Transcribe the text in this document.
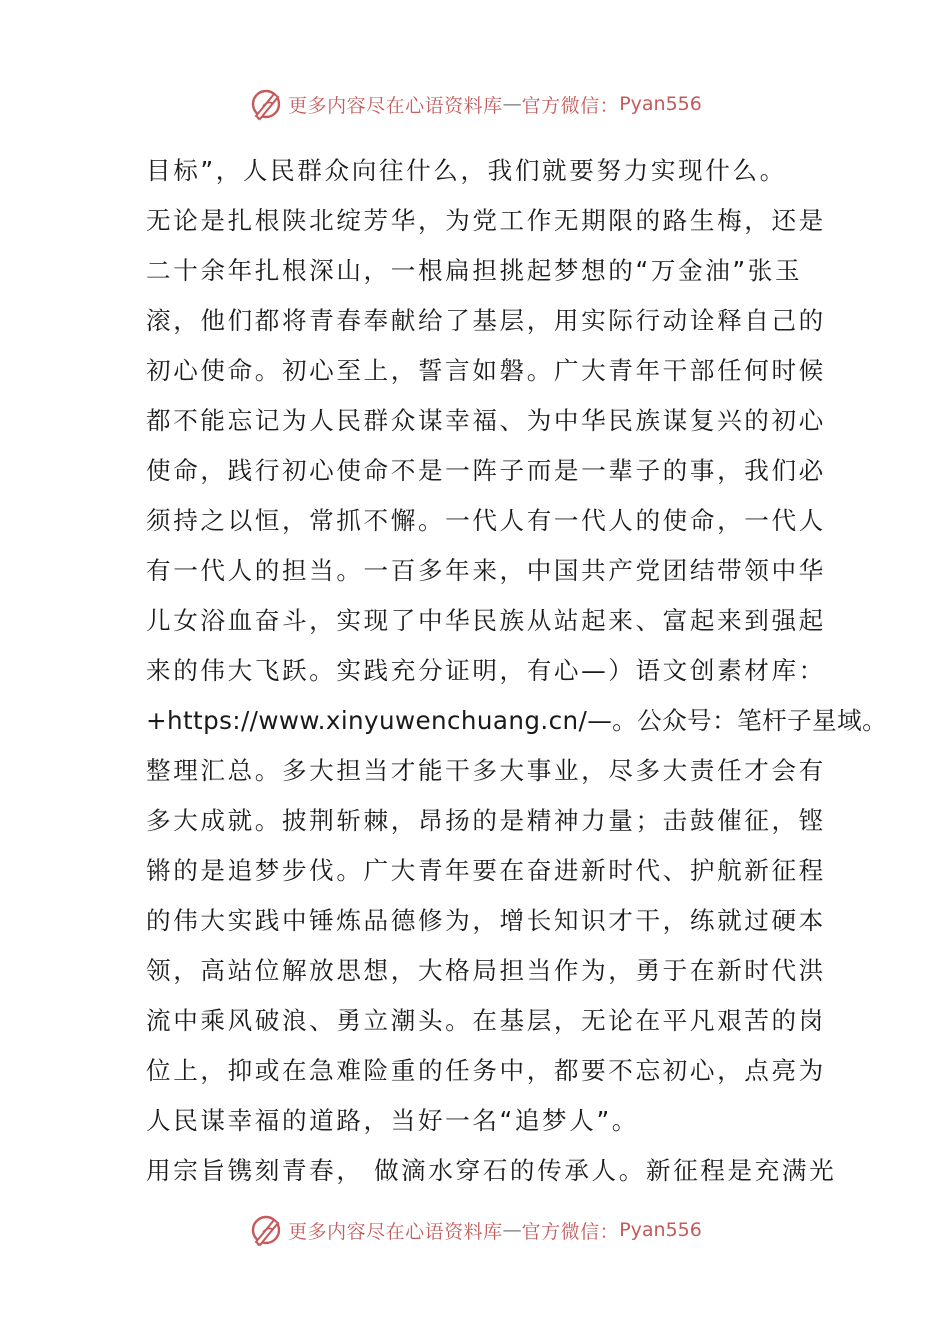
更多内容尽在心语资料库 — 官方微信： Pyan556
目标”，人民群众向往什么，我们就要努力实现什么。
无论是扎根陕北绽芳华，为党工作无期限的路生梅，还是
二十余年扎根深山，一根扁担挑起梦想的“万金油”张玉
滚，他们都将青春奉献给了基层，用实际行动诠释自己的
初心使命。初心至上，誓言如磐。广大青年干部任何时候
都不能忘记为人民群众谋幸福、为中华民族谋复兴的初心
使命，践行初心使命不是一阵子而是一辈子的事，我们必
须持之以恒，常抓不懈。一代人有一代人的使命，一代人
有一代人的担当。一百多年来，中国共产党团结带领中华
儿女浴血奋斗，实现了中华民族从站起来、富起来到强起
来的伟大飞跃。实践充分证明，有心—）语文创素材库：
+https://www.xinyuwenchuang.cn/—。公众号：笔杆子星域。
整理汇总。多大担当才能干多大事业，尽多大责任才会有
多大成就。披荆斩棘，昂扬的是精神力量；击鼓催征，铿
锵的是追梦步伐。广大青年要在奋进新时代、护航新征程
的伟大实践中锤炼品德修为，增长知识才干，练就过硬本
领，高站位解放思想，大格局担当作为，勇于在新时代洪
流中乘风破浪、勇立潮头。在基层，无论在平凡艰苦的岗
位上，抑或在急难险重的任务中，都要不忘初心，点亮为
人民谋幸福的道路，当好一名“追梦人”。
用宗旨镌刻青春， 做滴水穿石的传承人。新征程是充满光
更多内容尽在心语资料库 — 官方微信： Pyan556
